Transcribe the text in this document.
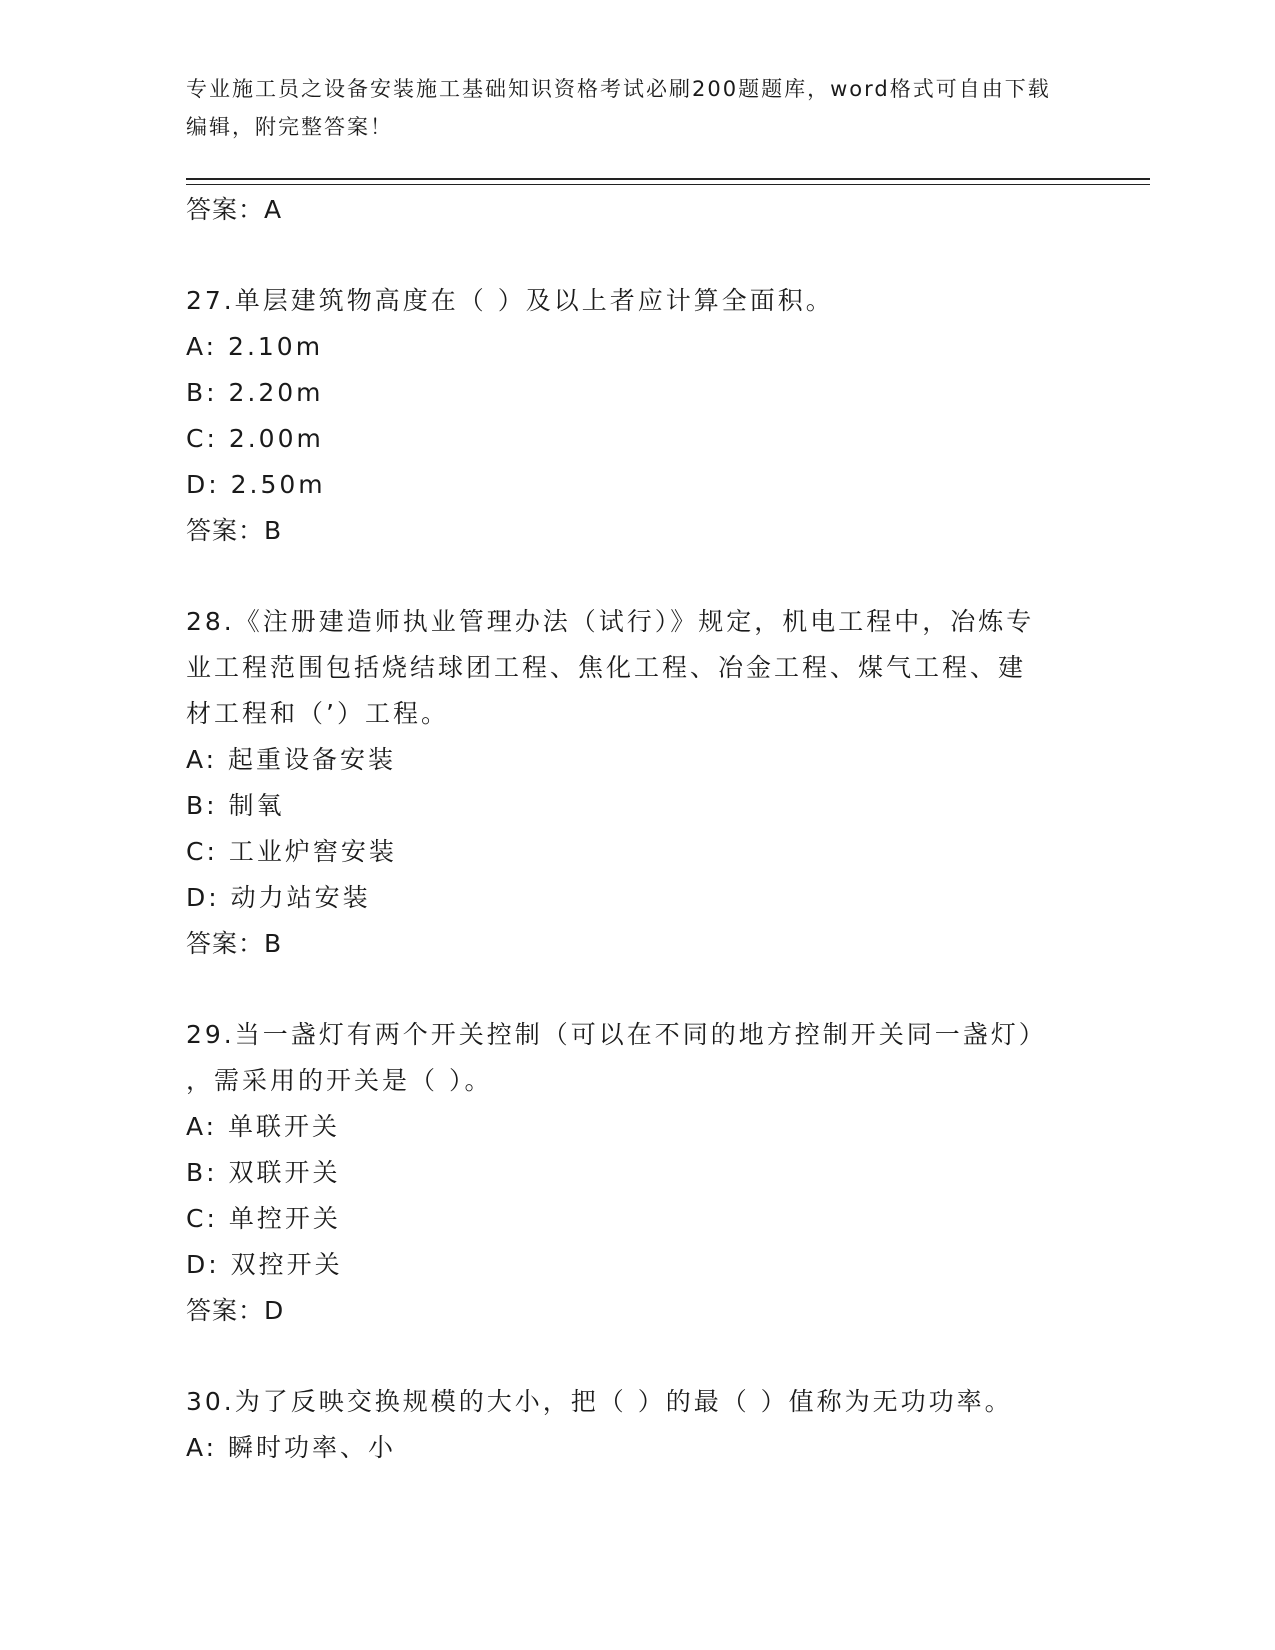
专业施工员之设备安装施工基础知识资格考试必刷200题题库，word格式可自由下载编辑，附完整答案！
答案：A
27.单层建筑物高度在（ ）及以上者应计算全面积。
A: 2.10m
B: 2.20m
C: 2.00m
D: 2.50m
答案：B
28.《注册建造师执业管理办法（试行）》规定，机电工程中，冶炼专
业工程范围包括烧结球团工程、焦化工程、冶金工程、煤气工程、建
材工程和（’）工程。
A: 起重设备安装
B: 制氧
C: 工业炉窖安装
D: 动力站安装
答案：B
29.当一盏灯有两个开关控制（可以在不同的地方控制开关同一盏灯）
，需采用的开关是（ ）。
A: 单联开关
B: 双联开关
C: 单控开关
D: 双控开关
答案：D
30.为了反映交换规模的大小，把（ ）的最（ ）值称为无功功率。
A: 瞬时功率、小
